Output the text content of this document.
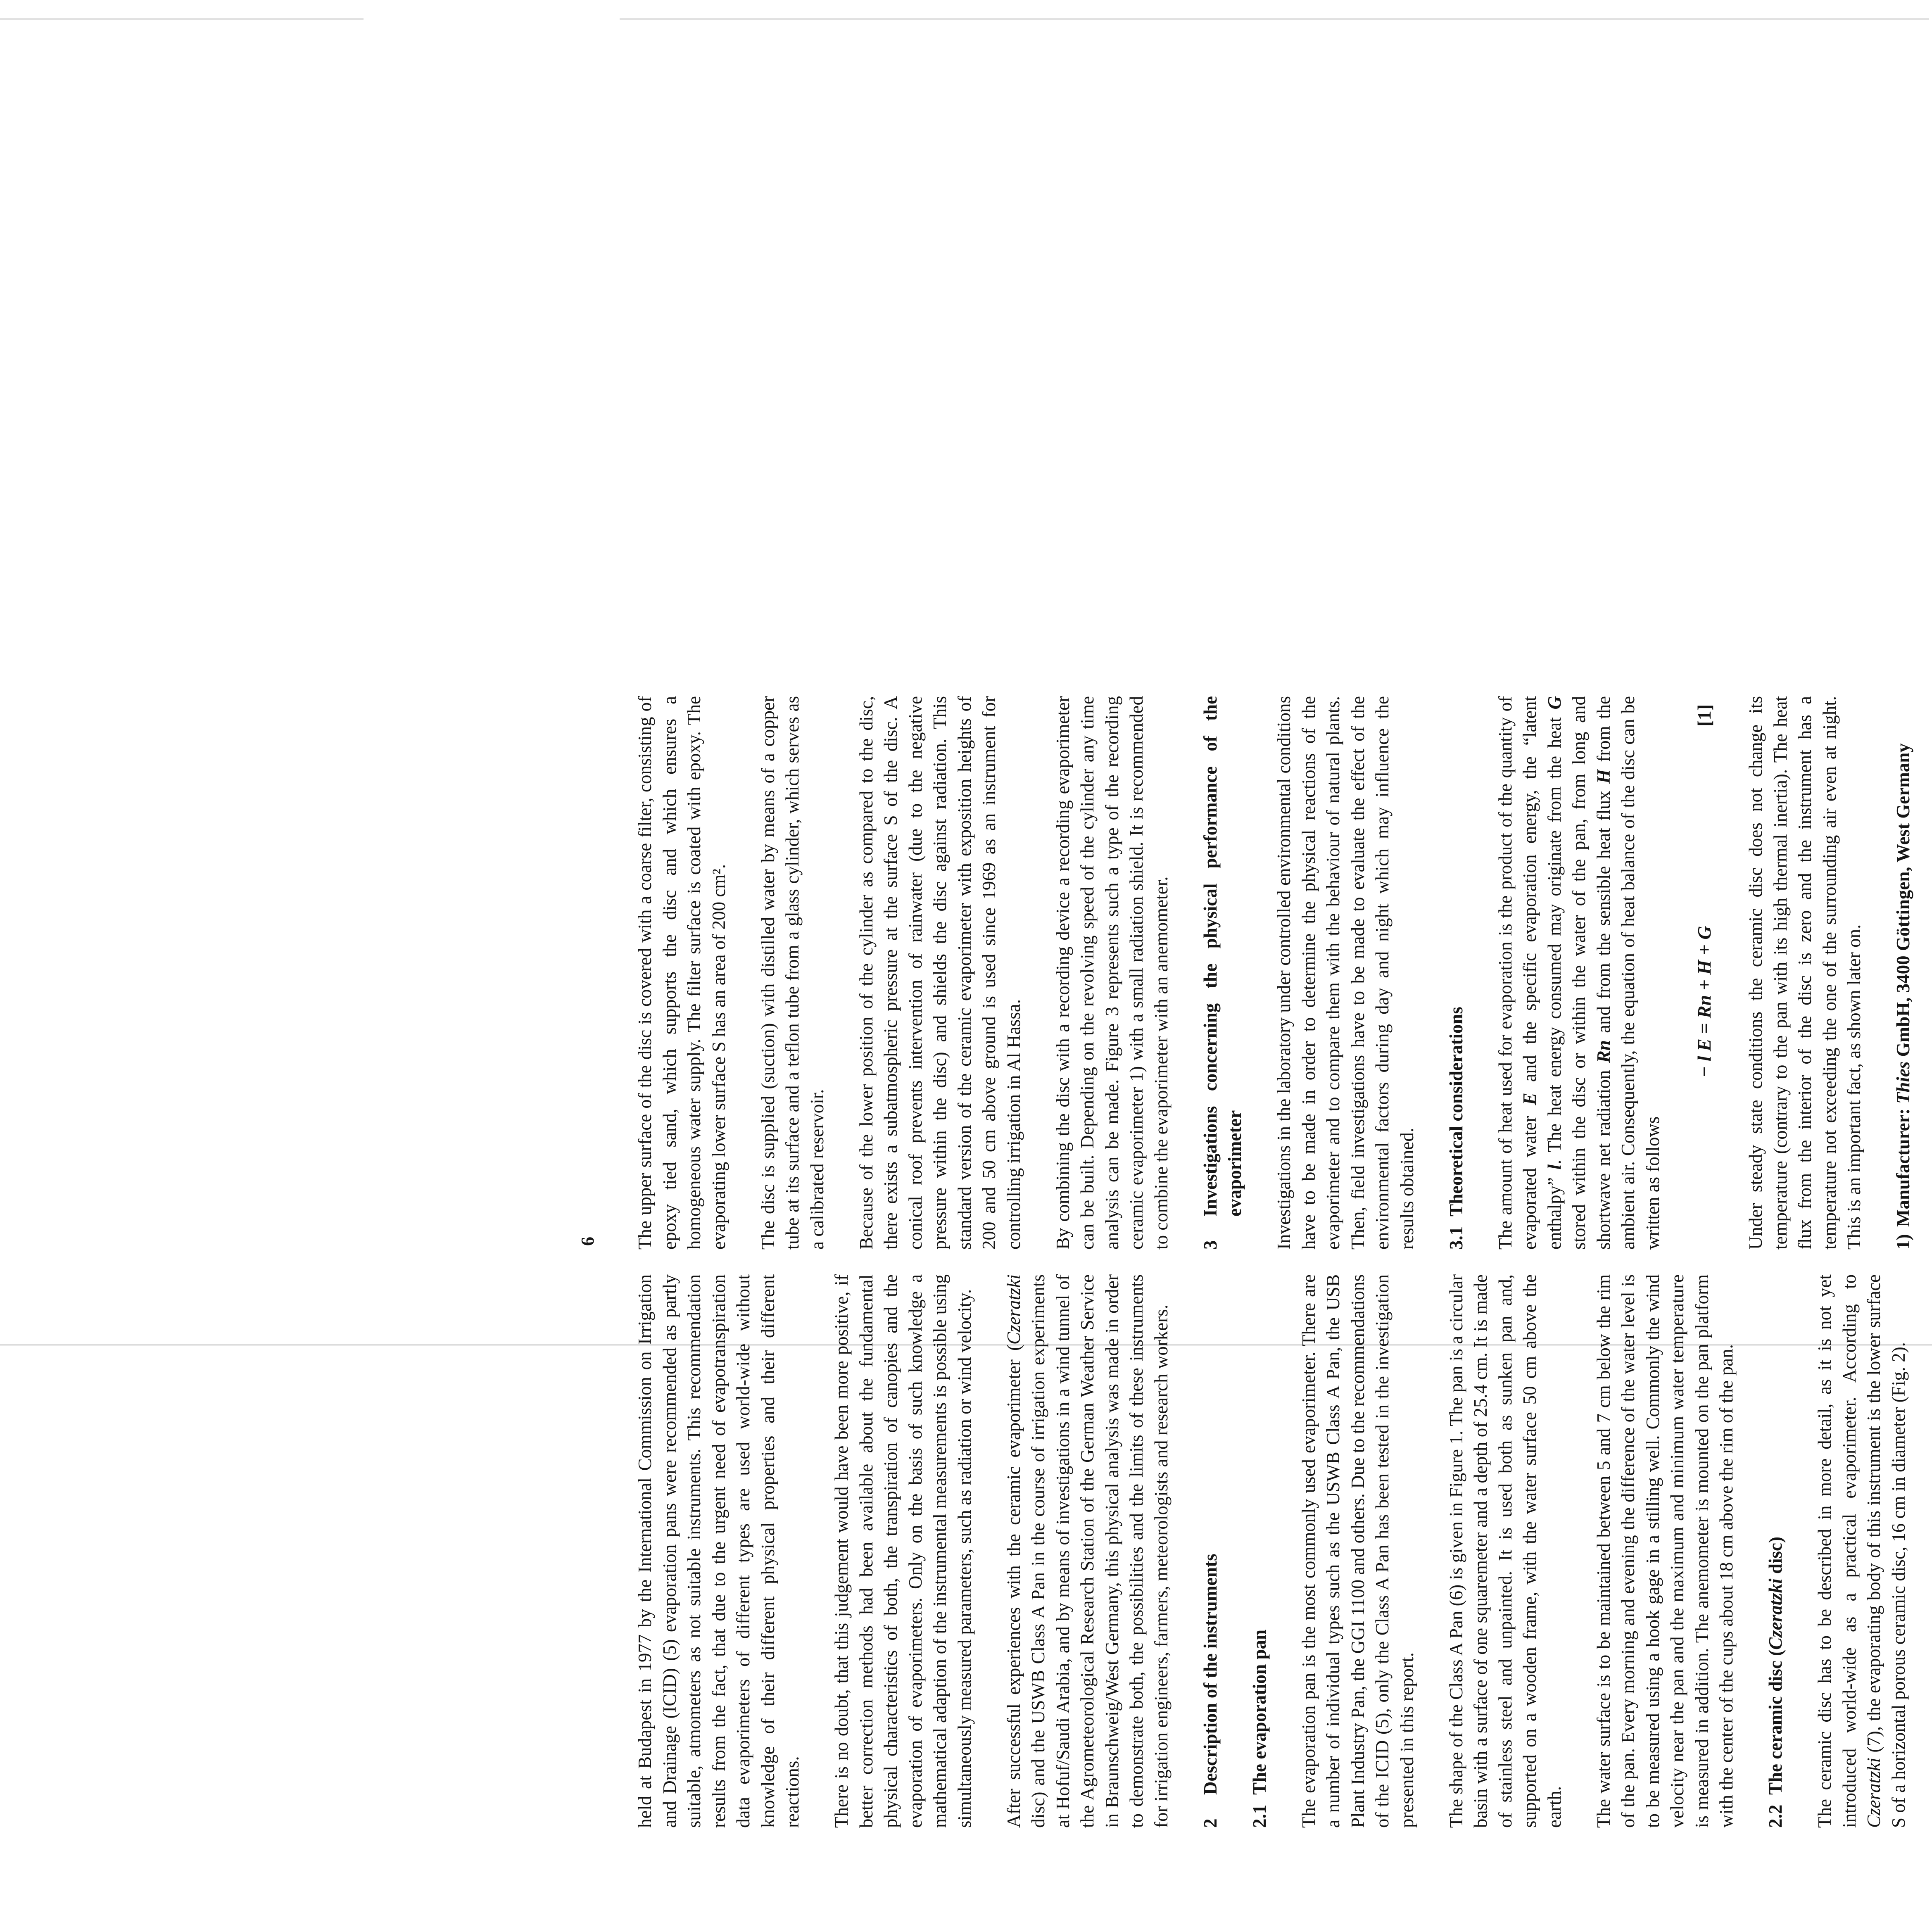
6

held at Budapest in 1977 by the International Commission on Irrigation and Drainage (ICID) (5) evaporation pans were recommended as partly suitable, atmometers as not suitable instruments. This recommendation results from the fact, that due to the urgent need of evapotranspiration data evaporimeters of different types are used world-wide without knowledge of their different physical properties and their different reactions. There is no doubt, that this judgement would have been more positive, if better correction methods had been available about the fundamental physical characteristics of both, the transpiration of canopies and the evaporation of evaporimeters. Only on the basis of such knowledge a mathematical adaption of the instrumental measurements is possible using simultaneously measured parameters, such as radiation or wind velocity. After successful experiences with the ceramic evaporimeter (Czeratzki disc) and the USWB Class A Pan in the course of irrigation experiments at Hofuf/Saudi Arabia, and by means of investigations in a wind tunnel of the Agrometeorological Research Station of the German Weather Service in Braunschweig/West Germany, this physical analysis was made in order to demonstrate both, the possibilities and the limits of these instruments for irrigation engineers, farmers, meteorologists and research workers. 2
Description of the instruments
2.1
The evaporation pan The evaporation pan is the most commonly used evaporimeter. There are a number of individual types such as the USWB Class A Pan, the USB Plant Industry Pan, the GGI 1100 and others. Due to the recommendations of the ICID (5), only the Class A Pan has been tested in the investigation presented in this report. The shape of the Class A Pan (6) is given in Figure 1. The pan is a circular basin with a surface of one squaremeter and a depth of 25.4 cm. It is made of stainless steel and unpainted. It is used both as sunken pan and, supported on a wooden frame, with the water surface 50 cm above the earth. The water surface is to be maintained between 5 and 7 cm below the rim of the pan. Every morning and evening the difference of the water level is to be measured using a hook gage in a stilling well. Commonly the wind velocity near the pan and the maximum and minimum water temperature is measured in addition. The anemometer is mounted on the pan platform with the center of the cups about 18 cm above the rim of the pan. 2.2
The ceramic disc (Czeratzki disc) The ceramic disc has to be described in more detail, as it is not yet introduced world-wide as a practical evaporimeter. According to Czeratzki (7), the evaporating body of this instrument is the lower surface S of a horizontal porous ceramic disc, 16 cm in diameter (Fig. 2).

The upper surface of the disc is covered with a coarse filter, consisting of epoxy tied sand, which supports the disc and which ensures a homogeneous water supply. The filter surface is coated with epoxy. The evaporating lower surface S has an area of 200 cm². The disc is supplied (suction) with distilled water by means of a copper tube at its surface and a teflon tube from a glass cylinder, which serves as a calibrated reservoir. Because of the lower position of the cylinder as compared to the disc, there exists a subatmospheric pressure at the surface S of the disc. A conical roof prevents intervention of rainwater (due to the negative pressure within the disc) and shields the disc against radiation. This standard version of the ceramic evaporimeter with exposition heights of 200 and 50 cm above ground is used since 1969 as an instrument for controlling irrigation in Al Hassa. By combining the disc with a recording device a recording evaporimeter can be built. Depending on the revolving speed of the cylinder any time analysis can be made. Figure 3 represents such a type of the recording ceramic evaporimeter 1) with a small radiation shield. It is recommended to combine the evaporimeter with an anemometer. 3
Investigations concerning the physical performance of the evaporimeter Investigations in the laboratory under controlled environmental conditions have to be made in order to determine the physical reactions of the evaporimeter and to compare them with the behaviour of natural plants. Then, field investigations have to be made to evaluate the effect of the environmental factors during day and night which may influence the results obtained. 3.1
Theoretical considerations The amount of heat used for evaporation is the product of the quantity of evaporated water E and the specific evaporation energy, the “latent enthalpy” l. The heat energy consumed may originate from the heat G stored within the disc or within the water of the pan, from long and shortwave net radiation Rn and from the sensible heat flux H from the ambient air. Consequently, the equation of heat balance of the disc can be written as follows

− l E = Rn + H + G
[1] Under steady state conditions the ceramic disc does not change its temperature (contrary to the pan with its high thermal inertia). The heat flux from the interior of the disc is zero and the instrument has a temperature not exceeding the one of the surrounding air even at night. This is an important fact, as shown later on. 1)
Manufacturer: Thies GmbH, 3400 Göttingen, West Germany
